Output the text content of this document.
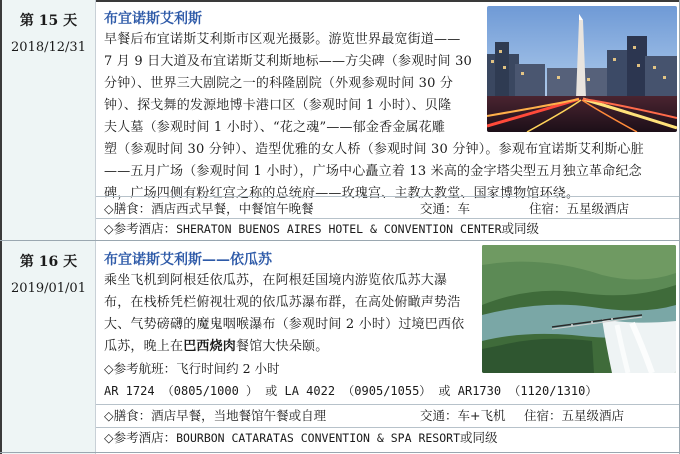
第 15 天
2018/12/31
布宜诺斯艾利斯

早餐后布宜诺斯艾利斯市区观光摄影。游览世界最宽街道——
7 月 9 日大道及布宜诺斯艾利斯地标——方尖碑（参观时间 30
分钟）、世界三大剧院之一的科隆剧院（外观参观时间 30 分
钟）、探戈舞的发源地博卡港口区（参观时间 1 小时）、贝隆
夫人墓（参观时间 1 小时）、“花之魂”——郁金香金属花雕
塑（参观时间 30 分钟）、造型优雅的女人桥（参观时间 30 分钟）。参观布宜诺斯艾利斯心脏
——五月广场（参观时间 1 小时），广场中心矗立着 13 米高的金字塔尖型五月独立革命纪念
碑，广场四侧有粉红宫之称的总统府——玫瑰宫、主教大教堂、国家博物馆环绕。

◇膳食：酒店西式早餐，中餐馆午晚餐	交通：车	住宿：五星级酒店
◇参考酒店：SHERATON BUENOS AIRES HOTEL & CONVENTION CENTER或同级
第 16 天
2019/01/01
布宜诺斯艾利斯——依瓜苏

乘坐飞机到阿根廷依瓜苏，在阿根廷国境内游览依瓜苏大瀑
布，在栈桥凭栏俯视壮观的依瓜苏瀑布群，在高处俯瞰声势浩
大、气势磅礴的魔鬼咽喉瀑布（参观时间 2 小时）过境巴西依
瓜苏，晚上在巴西烧肉餐馆大快朵颐。

◇参考航班：飞行时间约 2 小时
AR 1724 （0805/1000 ） 或 LA 4022 （0905/1055） 或 AR1730 （1120/1310）
◇膳食：酒店早餐，当地餐馆午餐或自理	交通：车+飞机 住宿：五星级酒店
◇参考酒店：BOURBON CATARATAS CONVENTION & SPA RESORT或同级
